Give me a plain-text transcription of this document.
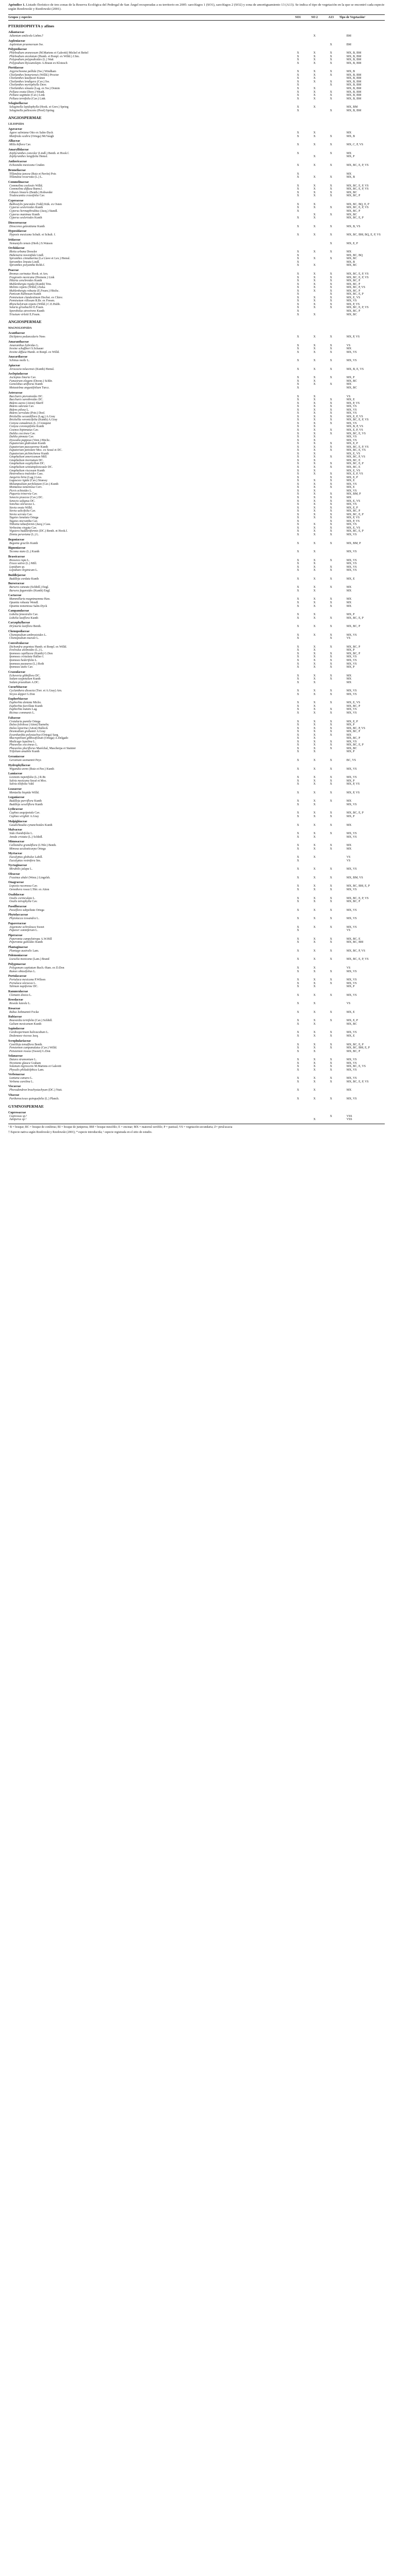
Apéndice 1. Listado florístico de tres zonas de la Reserva Ecológica del Pedregal de San Ángel recuperadas a su territorio en 2005: sarcófagos 1 (SO1), sarcófagos 2 (SO2) y zona de amortiguamiento 13 (A13). Se indica el tipo de vegetación en la que se encontró cada especie según Rzedowski y Rzedowski (2001).

Grupos y especies	SO1	SO 2	A13	Tipo de Vegetación¹
PTERIDOPHYTA y afines				
Adiantaceae				
Adiantum andicola Liebm.†		X		BM
Aspleniaceae				
Asplenium praemorsum Sw.			X	BM
Polypodiaceae				
Phlebodium araneosum (M.Martens et Galeotti) Mickel et Beitel	X	X	X	MX, B, BM
Phlebodium areolatum (Humb. et Bonpl. ex Willd.) J.Sm.	X	X	X	MX, B, BM
Polypodium polypodioides (L.) Watt	X	X	X	MX, B, BM
Polypodium thyssanolepis A.Braun ex Klotzsch	X	X	X	MX, B, BM
Pteridaceae				
Argyrochosma pallida (Sw.) Windham	X	X	X	MX, B
Cheilanthes bonariensis (Willd.) Proctor	X	X	X	MX, B, BM
Cheilanthes kaulfussii Kunze	X	X		MX, B, BM
Cheilanthes lendigera (Cav.) Sw.	X	X	X	MX, B, BM
Cheilanthes myriophylla Desv.	X		X	MX, B, BM
Cheilanthes sinuata (Lag. ex Sw.) Domin	X	X		MX, B, BM
Pellaea ovata (Desv.) Weath.	X	X	X	MX, B, BM
Pellaea sagittata (Cav.) Link	X	X	X	MX, B, BM
Pellaea ternifolia (Cav.) Link	X	X	X	MX, B, BM
Selaginellaceae				
Selaginella lepidophylla (Hook. et Grev.) Spring	X	X		MX, BM
Selaginella pallescens (Presl) Spring	X		X	MX, B, BM
ANGIOSPERMAE				
LILIOPSIDA				
Agavaceae				
Agave salmiana Otto ex Salm-Dyck	X	X		MX
Manfreda scabra (Ortega) McVaugh	X	X	X	MX, B
Alliaceae				
Milla biflora Cav.	X	X	X	MX, C, P, VS
Amaryllidaceae				
Zephyranthes concolor (Lindl.) Benth. et Hook f.	X		X	MX
Zephyranthes longifolia Hemsl.		X		MX, P
Anthericaceae				
Echeandia mexicana Cruden	X	X	X	MX, BC, E, P, VS
Bromeliaceae				
Tillandsia juncea (Ruiz et Pavón) Poir.	X			MX
Tillandsia recurvata (L.) L.	X	X	X	MX, B
Commelinaceae				
Commelina coelestis Willd.	X	X	X	MX, BC, E, P, VS
Commelina diffusa Burm.f.	X	X	X	MX, BC, E, P, VS
Gibasis linearis (Benth.) Rohweder	X	X	X	MX, BC
Tradescantia crassifolia Cav.	X	X	X	MX, BC, P
Cyperaceae				
Bulbostylis juncoides (Vahl) Kük. ex Osten	X	X		MX, BC, BQ, E, P
Cyperus seslerioides Kunth	X	X	X	MX, BC, E, P, VS
Cyperus hermaphroditus (Jacq.) Standl.	X			MX, BC, P
Cyperus manimae Kunth		X	X	MX, BC
Cyperus sesleriodes Kunth	X	X		MX, BC, E, P
Dioscoreaceae				
Dioscorea galeottiana Kunth	X	X	X	MX, B, VS
Hypoxidaceae				
Hypoxis mexicana Schult. et Schult. f.	X	X	X	MX, BC, BM, BQ, E, P, VS
Iridaceae				
Nemastylis tenuis (Herb.) S.Watson			X	MX, E, P
Orchidaceae				
Bletia urbana Dressler	X	X	X	MX
Habenaria novemfida Lindl.	X			MX, BC, BQ
Spiranthes cinnabarina (La Llave et Lex.) Hemsl.	X	X	X	MX, BC
Spiranthes lineata Lindl.	X			MX, B
Spiranthes polyantha Rchb.f.	X	X		MX, BC
Poaceae				
Bromus carinatus Hook. et Arn.	X	X	X	MX, BC, E, P, VS
Eragrostis mexicana (Hornem.) Link	X	X	X	MX, BC, E, P, VS
Hilaria cenchroides Kunth	X	X	X	MX, BC, P
Muhlenbergia rigida (Kunth) Trin.	X	X	X	MX, BC, P
Melinis repens (Willd.) Zizka	X	X	X	MX, BC, P, VS
Muhlenbergia robusta (E.Fourn.) Hitchc.	X	X	X	MX, BC, P
Panicum bulbosum Kunth	X		X	MX, BC, E, P
Pennisetum clandestinum Hochst. ex Chiov.	X	X	X	MX, E, VS
Pennisetum villosum R.Br. ex Fresen.	X	X	X	MX, VS
Rhynchelytrum repens (Willd.) C.E.Hubb.	X	X	X	MX, P, VS
Setaria grisebachii E.Fourn.	X	X	X	MX, BC, E, P, VS
Sporobolus atrovirens Kunth	X			MX, BC, P
Trisetum virletii E.Fourn.	X	X		MX, BC
ANGIOSPERMAE				
MAGNOLIOPSIDA				
Acanthaceae				
Dicliptera peduncularis Nees	X	X	X	MX, P, VS
Amaranthaceae				
Amaranthus hybridus L.	X	X	X	VS
Iresine schaffneri S.Schauer	X	X	X	MX
Iresine diffusa Humb. et Bonpl. ex Willd.	X	X	X	MX, VS
Anacardiaceae				
Schinus molle L.	X	X	X	MX, VS
Apiaceae				
Arracacia tolucensis (Kunth) Hemsl.	X	X	X	MX, B, E, VS
Asclepiadaceae				
Asclepias linaria Cav.	X	X	X	MX, P
Funastrum elegans (Decne.) Schltr.	X	X		MX, BC
Gonolobus uniflorus Kunth	X	X	X	MX
Metastelma angustifolium Turcz.	X			MX, BC
Asteraceae				
Baccharis pteronioides DC.	X	X		VS
Baccharis sarothroides DC.	X	X	X	MX, E
Bidens aurea (Aiton) Sherff	X	X	X	MX, P, VS
Bidens odorata Cav.	X	X	X	MX, VS
Bidens pilosa L.	X	X	X	MX, VS
Bidens serrulata (Poir.) Desf.	X	X	X	MX, VS
Brickellia secundiflora (Lag.) A.Gray	X	X	X	MX, E, P, VS
Brickellia veronicifolia (Kunth) A.Gray	X	X	X	MX, BC, E, P, VS
Conyza canadensis (L.) Cronquist	X	X	X	MX, VS
Conyza coronopifolia Kunth	X	X		MX, B, P, VS
Cosmos bipinnatus Cav.	X	X	X	MX, E, P, VS
Dahlia coccinea Cav.	X	X	X	MX, BC, E, VS
Dahlia pinnata Cav.	X	X		MX, VS
Dyssodia papposa (Vent.) Hitchc.	X	X		MX, VS
Eupatorium glabratum Kunth	X	X	X	MX, E, P
Eupatorium pazcuarense Kunth	X	X	X	MX, BC, E, P, VS
Eupatorium petiolare Moc. ex Sessé et DC.	X	X	X	MX, BC, E, VS
Eupatorium pichinchense Kunth	X	X		MX, E, VS
Gnaphalium americanum Mill.	X	X	X	MX, BC, P, VS
Gnaphalium inornatum DC.	X	X		MX, BC, E
Gnaphalium oxyphyllum DC.	X	X	X	MX, BC, E, P
Gnaphalium semiamplexicaule DC.	X	X	X	MX, BC, E
Gnaphalium viscosum Kunth	X	X		MX, E, VS
Heterotheca inuloides Cass.	X	X	X	MX, E, P, VS
Jaegeria hirta (Lag.) Less.	X		X	MX, E, P
Lagascea rigida (Cav.) Stuessy	X	X	X	MX, E
Melampodium perfoliatum (Cav.) Kunth	X	X	X	MX, VS
Montanoa tomentosa Cerv.	X	X	X	MX, E
Picris echioides L.	X	X		MX, VS
Piqueria trinervia Cav.	X	X	X	MX, BM, P
Senecio praecox (Cav.) DC.	X	X	X	MX
Senecio salignus DC.	X	X	X	MX, E, VS
Sonchus oleraceus L.	X	X	X	MX, VS
Stevia ovata Willd.	X	X	X	MX, E, P
Stevia salicifolia Cav.	X	X	X	MX, BC, P
Stevia serrata Cav.	X	X	X	MX, BC, E, P
Tagetes lunulata Ortega	X	X	X	MX, P, VS
Tagetes micrantha Cav.	X		X	MX, P, VS
Tithonia tubaeformis (Jacq.) Cass.	X	X	X	MX, VS
Verbesina virgata Cav.	X	X	X	MX, E, VS
Viguiera buddleiiformis (DC.) Benth. et Hook.f.	X	X	X	MX, BC, E, P
Zinnia peruviana (L.) L.	X	X	X	MX, VS
Begoniaceae				
Begonia gracilis Kunth	X	X	X	MX, BM, P
Bignoniaceae				
Tecoma stans (L.) Kunth	X	X		MX, VS
Brassicaceae				
Brassica rapa L.	X	X	X	MX, VS
Eruca sativa (L.) Mill.	X	X		MX, VS
Lepidium sp.	X	X	X	MX, VS
Lepidium virginicum L.	X	X	X	MX, VS
Buddlejaceae				
Buddleja cordata Kunth	X	X	X	MX, E
Burseraceae				
Bursera cuneata (Schltdl.) Engl.	X	X	X	MX
Bursera fagaroides (Kunth) Engl.	X	X		MX
Cactaceae				
Mammillaria magnimamma Haw.	X	X	X	MX
Opuntia robusta Wendl.	X	X	X	MX
Opuntia tomentosa Salm-Dyck	X	X	X	MX
Campanulaceae				
Lobelia fenestralis Cav.	X	X		MX, P
Lobelia laxiflora Kunth	X	X	X	MX, BC, E, P
Caryophyllaceae				
Drymaria laxiflora Benth.	X	X	X	MX, BC, P
Chenopodiaceae				
Chenopodium ambrosioides L.	X	X	X	MX, VS
Chenopodium murale L.	X		X	VS
Convolvulaceae				
Dichondra argentea Humb. et Bonpl. ex Willd.	X	X	X	MX, BC, P
Evolvulus alsinoides (L.) L.	X	X		MX, P
Ipomoea capillacea (Kunth) G.Don	X	X	X	MX, BC, P
Ipomoea cristulata Hallier f.	X	X	X	MX, VS
Ipomoea hederifolia L.	X	X	X	MX, VS
Ipomoea purpurea (L.) Roth	X	X	X	MX, VS
Ipomoea stans Cav.	X	X	X	MX, P
Crassulaceae				
Echeveria gibbiflora DC.	X	X	X	MX
Sedum oxypetalum Kunth	X	X	X	MX
Sedum praealtum A.DC.	X	X		MX
Cucurbitaceae				
Cyclanthera dissecta (Torr. et A.Gray) Arn.	X	X	X	MX, VS
Sicyos deppei G.Don	X	X	X	MX, VS
Euphorbiaceae				
Euphorbia dentata Michx.	X	X	X	MX, E, VS
Euphorbia furcillata Kunth	X	X		MX, BC, P
Euphorbia nutans Lag.	X	X	X	MX, VS
Ricinus communis L.	X	X	X	MX, VS
Fabaceae				
Crotalaria pumila Ortega	X	X	X	MX, E, P
Dalea foliolosa (Aiton) Barneby	X	X	X	MX, P
Dalea leporina (Aiton) Bullock	X	X	X	MX, BC, P, VS
Desmodium grahamii A.Gray	X	X	X	MX, BC, P
Eysenhardtia polystachya (Ortega) Sarg.	X	X	X	MX
Macroptilium gibbosifolium (Ortega) A.Delgado	X	X		MX, BC, P
Medicago lupulina L.	X	X	X	MX, VS
Phaseolus coccineus L.	X	X	X	MX, BC, E, P
Phaseolus pluriflorus Maréchal, Mascherpa et Stainier	X	X	X	MX, BC
Trifolium amabile Kunth	X	X		MX, P
Geraniaceae				
Geranium seemannii Peyr.	X	X	X	BC, VS
Hydrophyllaceae				
Wigandia urens (Ruiz et Pav.) Kunth	X	X	X	MX, VS
Lamiaceae				
Leonotis nepetifolia (L.) R.Br.	X	X	X	MX, VS
Salvia mexicana Sessé et Moc.	X	X	X	MX, P
Salvia tiliifolia Vahl	X	X	X	MX, P, VS
Loasaceae				
Mentzelia hispida Willd.	X	X	X	MX, P, VS
Loganiaceae				
Buddleja parviflora Kunth	X	X	X	MX
Buddleja sessiliflora Kunth	X	X		MX, VS
Lythraceae				
Cuphea aequipetala Cav.	X	X	X	MX, BC, E, P
Cuphea wrightii A.Gray	X	X	X	MX, P
Malpighiaceae				
Gaudichaudia cynanchoides Kunth	X	X	X	MX
Malvaceae				
Sida rhombifolia L.	X	X	X	MX, VS
Anoda cristata (L.) Schltdl.	X	X		MX, VS
Mimosaceae				
Calliandra grandiflora (L'Hér.) Benth.	X	X	X	MX
Mimosa aculeaticarpa Ortega	X	X	X	MX
Myrtaceae				
Eucalyptus globulus Labill.	X	X		VS
Eucalyptus resinifera Sm.	X			VS
Nyctaginaceae				
Mirabilis jalapa L.	X	X	X	MX, VS
Oleaceae				
Fraxinus uhdei (Wenz.) Lingelsh.	X	X	X	MX, BM, VS
Onagraceae				
Lopezia racemosa Cav.	X	X	X	MX, BC, BM, E, P
Oenothera rosea L'Hér. ex Aiton	X	X	X	MX, VS
Oxalidaceae				
Oxalis corniculata L.	X	X	X	MX, BC, E, P, VS
Oxalis tetraphylla Cav.	X	X	X	MX, BC, P
Passifloraceae				
Passiflora subpeltata Ortega	X	X	X	MX, VS
Phytolaccaceae				
Phytolacca icosandra L.	X	X	X	MX, VS
Papaveraceae				
Argemone ochroleuca Sweet	X	X	X	MX, VS
Papaver somniferum L.	X			VS
Piperaceae				
Peperomia campylotropa A.W.Hill	X	X	X	MX, BC, E
Peperomia galioides Kunth	X	X	X	MX, BC, BM
Plantaginaceae				
Plantago australis Lam.	X	X	X	MX, BC, P, VS
Polemoniaceae				
Loeselia mexicana (Lam.) Brand	X	X	X	MX, BC, E, P, VS
Polygonaceae				
Polygonum capitatum Buch.-Ham. ex D.Don	X	X		VS
Rumex obtusifolius L.	X	X	X	MX, VS
Portulacaceae				
Portulaca mexicana P.Wilson	X	X	X	MX, VS
Portulaca oleracea L.	X	X	X	MX, VS
Talinum napiforme DC.	X	X		MX, P
Ranunculaceae				
Clematis dioica L.	X	X	X	MX, VS
Resedaceae				
Reseda luteola L.	X	X		VS
Rosaceae				
Rubus liebmannii Focke	X	X	X	MX, E
Rubiaceae				
Bouvardia ternifolia (Cav.) Schltdl.	X	X	X	MX, E, P
Galium mexicanum Kunth	X	X		MX, BC
Sapindaceae				
Cardiospermum halicacabum L.	X	X	X	MX, VS
Dodonaea viscosa Jacq.	X	X	X	MX, E
Scrophulariaceae				
Castilleja tenuiflora Benth.	X	X	X	MX, BC, E, P
Penstemon campanulatus (Cav.) Willd.	X	X	X	MX, BC, BM, E, P
Penstemon roseus (Sweet) G.Don	X	X		MX, BC, P
Solanaceae				
Datura stramonium L.	X	X	X	MX, VS
Nicotiana glauca Graham	X	X	X	MX, VS
Solanum nigrescens M.Martens et Galeotti	X	X	X	MX, BC, E, VS
Physalis philadelphica Lam.	X	X	X	MX, VS
Verbenaceae				
Lantana camara L.	X	X	X	MX, VS
Verbena carolina L.	X	X	X	MX, BC, E, P, VS
Viscaceae				
Phoradendron brachystachyum (DC.) Nutt.	X	X		MX
Vitaceae				
Parthenocissus quinquefolia (L.) Planch.	X	X	X	MX, VS
GYMNOSPERMAE				
Cupressaceae				
Cupressus sp.¹			X	VSS
Juniperus sp.¹		X		VSS
¹ B = bosque; BC = bosque de coníferas; BI = bosque de juniperus; BM = bosque mesófilo; E = encinar; MX = matorral xerófilo; P = pastizal; VS = vegetación secundaria; Z= pirul/acacia
† Especie nativa según Rzedowski y Rzedowski (2001); * especie introducida; ¹ especie registrada en el sitio de estudio.
